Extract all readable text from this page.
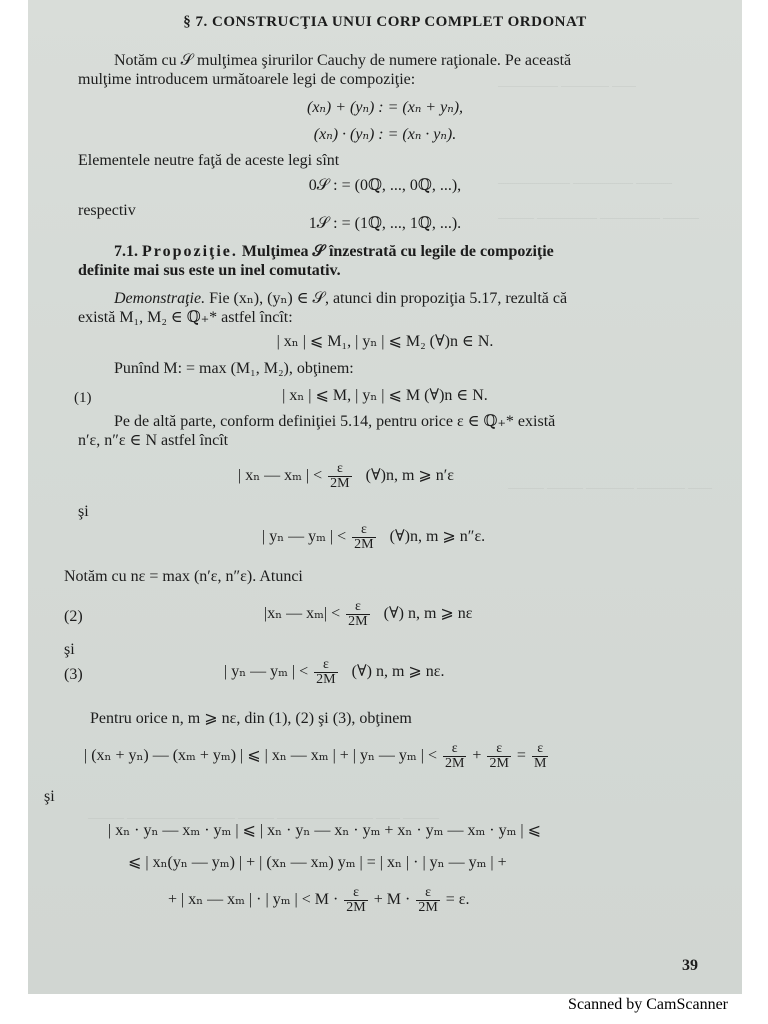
————— ———— ——
—————— ————— ———
——— ————— ————— ———
——— ——— ———— ———— ——
——— ————————— ——— ———————— —— ———
§ 7. CONSTRUCŢIA UNUI CORP COMPLET ORDONAT
Notăm cu 𝒮 mulţimea şirurilor Cauchy de numere raţionale. Pe această
mulţime introducem următoarele legi de compoziţie:
(xₙ) + (yₙ) : = (xₙ + yₙ),
(xₙ) · (yₙ) : = (xₙ · yₙ).
Elementele neutre faţă de aceste legi sînt
0𝒮 : = (0ℚ, ..., 0ℚ, ...),
respectiv
1𝒮 : = (1ℚ, ..., 1ℚ, ...).
7.1. Propoziţie. Mulţimea 𝒮 înzestrată cu legile de compoziţie
definite mai sus este un inel comutativ.
Demonstraţie. Fie (xₙ), (yₙ) ∈ 𝒮, atunci din propoziţia 5.17, rezultă că
există M₁, M₂ ∈ ℚ₊* astfel încît:
| xₙ | ⩽ M₁, | yₙ | ⩽ M₂ (∀)n ∈ N.
Punînd M: = max (M₁, M₂), obţinem:
(1)	| xₙ | ⩽ M, | yₙ | ⩽ M (∀)n ∈ N.
Pe de altă parte, conform definiţiei 5.14, pentru orice ε ∈ ℚ₊* există
n′ε, n″ε ∈ N astfel încît
| xₙ — xₘ | < $\frac{\varepsilon}{2M}$ (∀)n, m ⩾ n′ε
şi
| yₙ — yₘ | < $\frac{\varepsilon}{2M}$ (∀)n, m ⩾ n″ε.
Notăm cu nε = max (n′ε, n″ε). Atunci
(2)	|xₙ — $x_m| < \frac{\varepsilon}{2M}$ (∀) n, m ⩾ nε
şi
(3)	| yₙ — yₘ | < $\frac{\varepsilon}{2M}$ (∀) n, m ⩾ nε.
Pentru orice n, m ⩾ nε, din (1), (2) şi (3), obţinem
| (xₙ + yₙ) — (xₘ + yₘ) | ⩽ | xₙ — xₘ | + | yₙ — yₘ | < $\frac{\varepsilon}{2M} + \frac{\varepsilon}{2M} = \frac{\varepsilon}{M}$
şi
| xₙ · yₙ — xₘ · yₘ | ⩽ | xₙ · yₙ — xₙ · yₘ + xₙ · yₘ — xₘ · yₘ | ⩽
⩽ | xₙ(yₙ — yₘ) | + | (xₙ — xₘ) yₘ | = | xₙ | · | yₙ — yₘ | +
+ | xₙ — xₘ | · | yₘ | < $M \cdot \frac{\varepsilon}{2M} + M \cdot \frac{\varepsilon}{2M} = \varepsilon$.
39
Scanned by CamScanner
